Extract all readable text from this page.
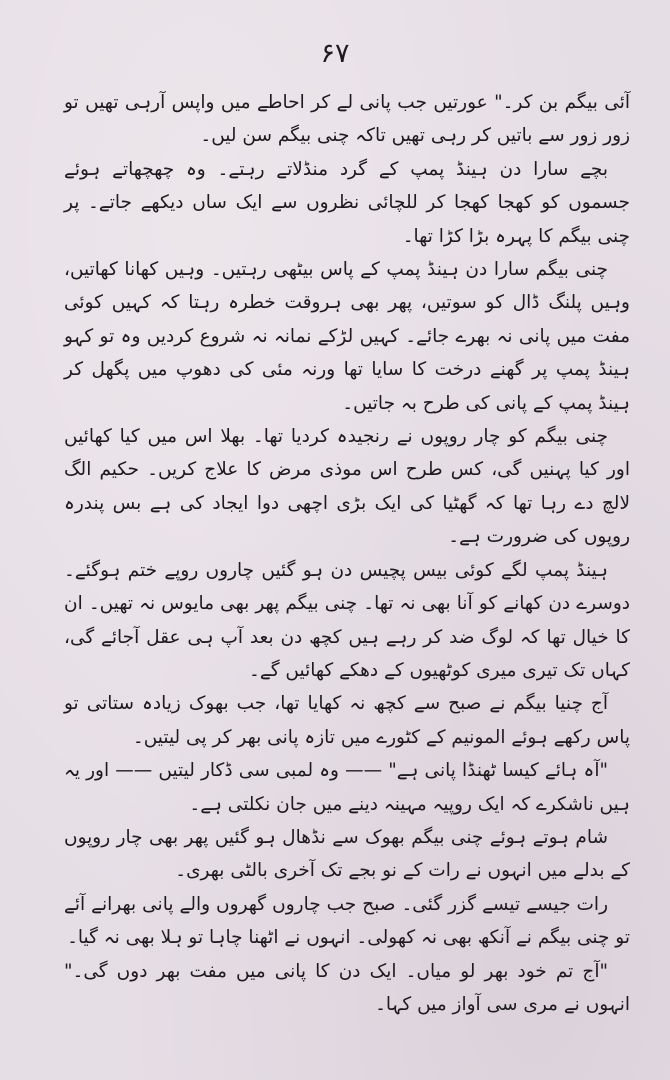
۶۷

آئی بیگم بن کر۔" عورتیں جب پانی لے کر احاطے میں واپس آرہی تھیں تو زور زور سے باتیں کر رہی تھیں تاکہ چنی بیگم سن لیں۔

بچے سارا دن ہینڈ پمپ کے گرد منڈلاتے رہتے۔ وہ چھچھاتے ہوئے جسموں کو کھجا کھجا کر للچائی نظروں سے ایک ساں دیکھے جاتے۔ پر چنی بیگم کا پہرہ بڑا کڑا تھا۔

چنی بیگم سارا دن ہینڈ پمپ کے پاس بیٹھی رہتیں۔ وہیں کھانا کھاتیں، وہیں پلنگ ڈال کو سوتیں، پھر بھی ہروقت خطرہ رہتا کہ کہیں کوئی مفت میں پانی نہ بھرے جائے۔ کہیں لڑکے نمانہ نہ شروع کردیں وہ تو کہو ہینڈ پمپ پر گھنے درخت کا سایا تھا ورنہ مئی کی دھوپ میں پگھل کر ہینڈ پمپ کے پانی کی طرح بہ جاتیں۔

چنی بیگم کو چار روپوں نے رنجیدہ کردیا تھا۔ بھلا اس میں کیا کھائیں اور کیا پہنیں گی، کس طرح اس موذی مرض کا علاج کریں۔ حکیم الگ لالچ دے رہا تھا کہ گھٹیا کی ایک بڑی اچھی دوا ایجاد کی ہے بس پندرہ روپوں کی ضرورت ہے۔

ہینڈ پمپ لگے کوئی بیس پچیس دن ہو گئیں چاروں روپے ختم ہوگئے۔ دوسرے دن کھانے کو آنا بھی نہ تھا۔ چنی بیگم پھر بھی مایوس نہ تھیں۔ ان کا خیال تھا کہ لوگ ضد کر رہے ہیں کچھ دن بعد آپ ہی عقل آجائے گی، کہاں تک تیری میری کوٹھیوں کے دھکے کھائیں گے۔

آج چنیا بیگم نے صبح سے کچھ نہ کھایا تھا، جب بھوک زیادہ ستاتی تو پاس رکھے ہوئے المونیم کے کٹورے میں تازہ پانی بھر کر پی لیتیں۔

"آہ ہائے کیسا ٹھنڈا پانی ہے" —— وہ لمبی سی ڈکار لیتیں —— اور یہ ہیں ناشکرے کہ ایک روپیہ مہینہ دینے میں جان نکلتی ہے۔

شام ہوتے ہوئے چنی بیگم بھوک سے نڈھال ہو گئیں پھر بھی چار روپوں کے بدلے میں انہوں نے رات کے نو بجے تک آخری بالٹی بھری۔

رات جیسے تیسے گزر گئی۔ صبح جب چاروں گھروں والے پانی بھرانے آئے تو چنی بیگم نے آنکھ بھی نہ کھولی۔ انہوں نے اٹھنا چاہا تو ہلا بھی نہ گیا۔

"آج تم خود بھر لو میاں۔ ایک دن کا پانی میں مفت بھر دوں گی۔" انہوں نے مری سی آواز میں کہا۔
